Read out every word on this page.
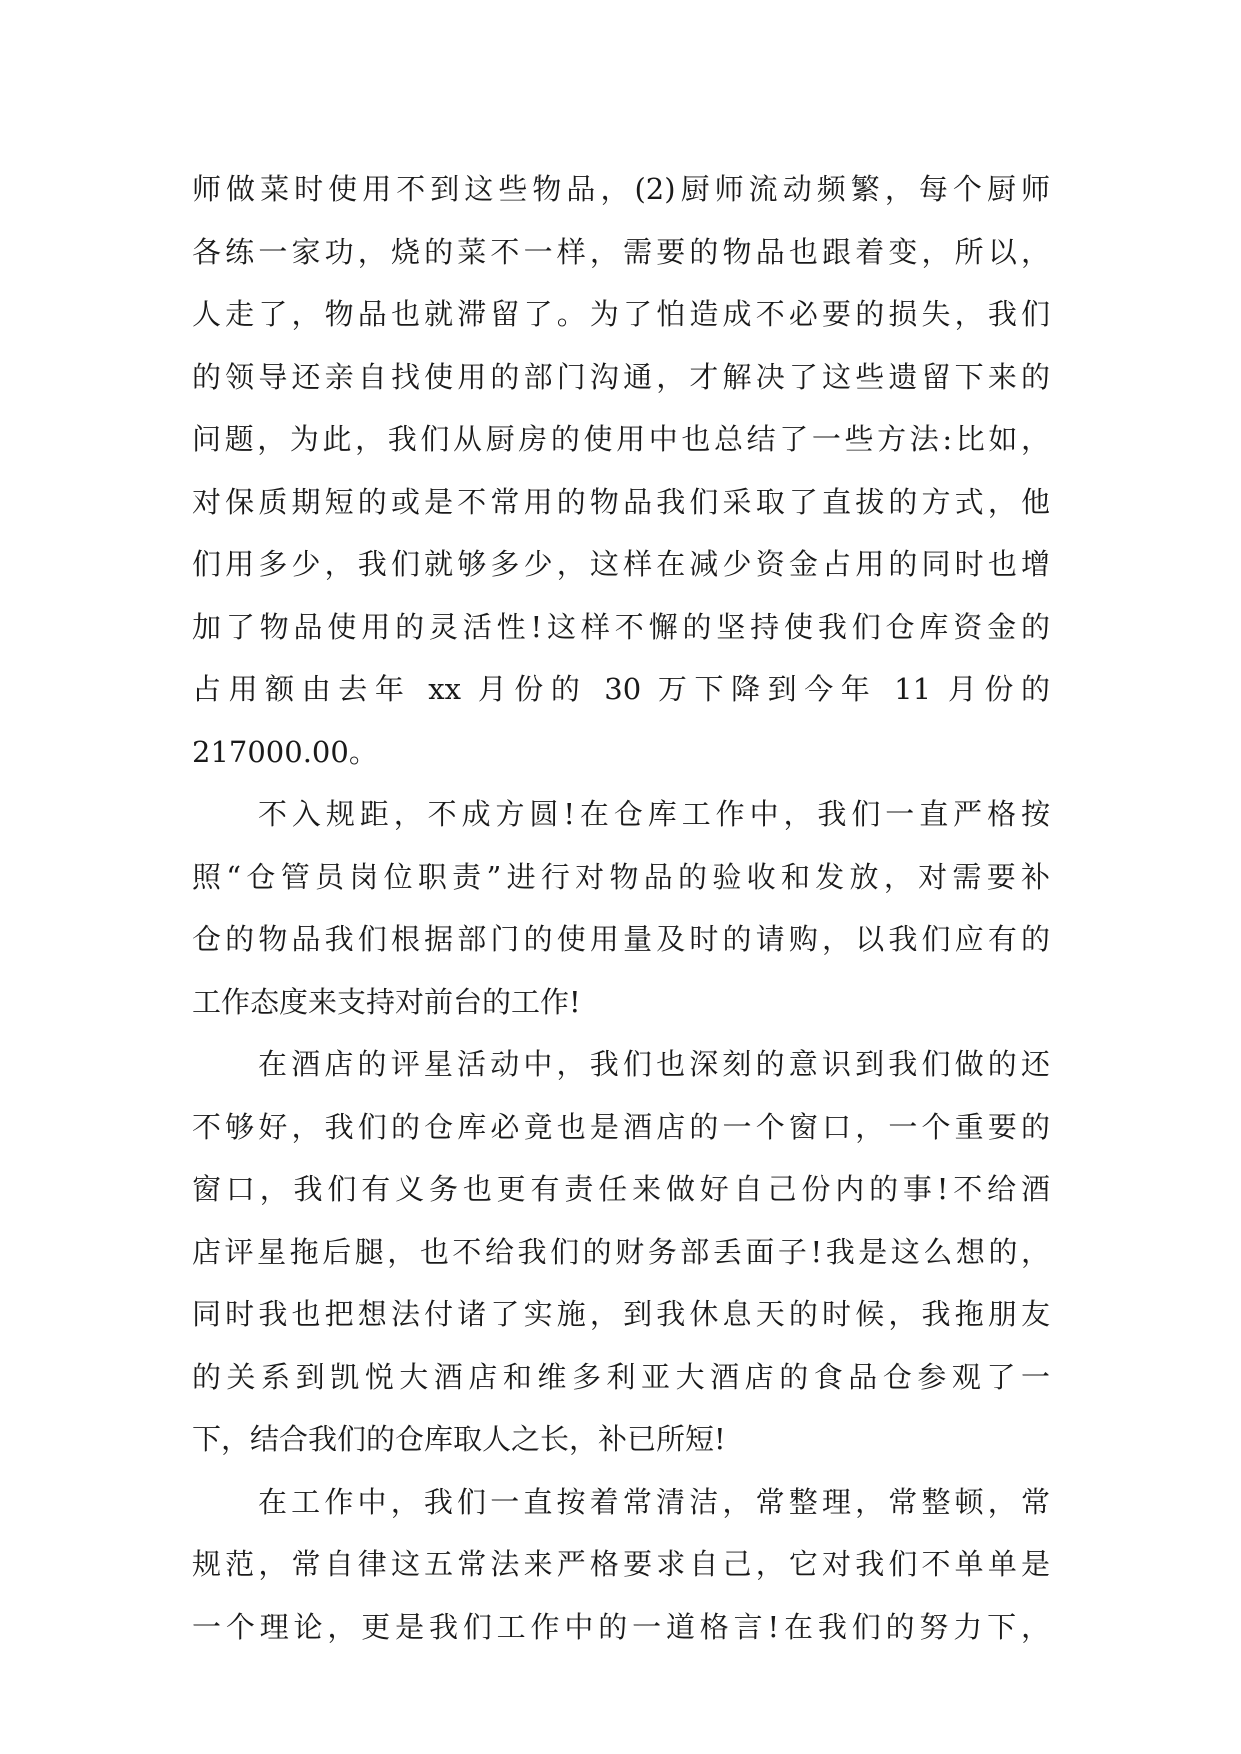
师做菜时使用不到这些物品，(2)厨师流动频繁，每个厨师
各练一家功，烧的菜不一样，需要的物品也跟着变，所以，
人走了，物品也就滞留了。为了怕造成不必要的损失，我们
的领导还亲自找使用的部门沟通，才解决了这些遗留下来的
问题，为此，我们从厨房的使用中也总结了一些方法:比如，
对保质期短的或是不常用的物品我们采取了直拔的方式，他
们用多少，我们就够多少，这样在减少资金占用的同时也增
加了物品使用的灵活性!这样不懈的坚持使我们仓库资金的
占用额由去年 xx 月份的 30 万下降到今年 11 月份的
217000.00。
不入规距，不成方圆!在仓库工作中，我们一直严格按
照“仓管员岗位职责”进行对物品的验收和发放，对需要补
仓的物品我们根据部门的使用量及时的请购，以我们应有的
工作态度来支持对前台的工作!
在酒店的评星活动中，我们也深刻的意识到我们做的还
不够好，我们的仓库必竟也是酒店的一个窗口，一个重要的
窗口，我们有义务也更有责任来做好自己份内的事!不给酒
店评星拖后腿，也不给我们的财务部丢面子!我是这么想的，
同时我也把想法付诸了实施，到我休息天的时候，我拖朋友
的关系到凯悦大酒店和维多利亚大酒店的食品仓参观了一
下，结合我们的仓库取人之长，补已所短!
在工作中，我们一直按着常清洁，常整理，常整顿，常
规范，常自律这五常法来严格要求自己，它对我们不单单是
一个理论，更是我们工作中的一道格言!在我们的努力下，
